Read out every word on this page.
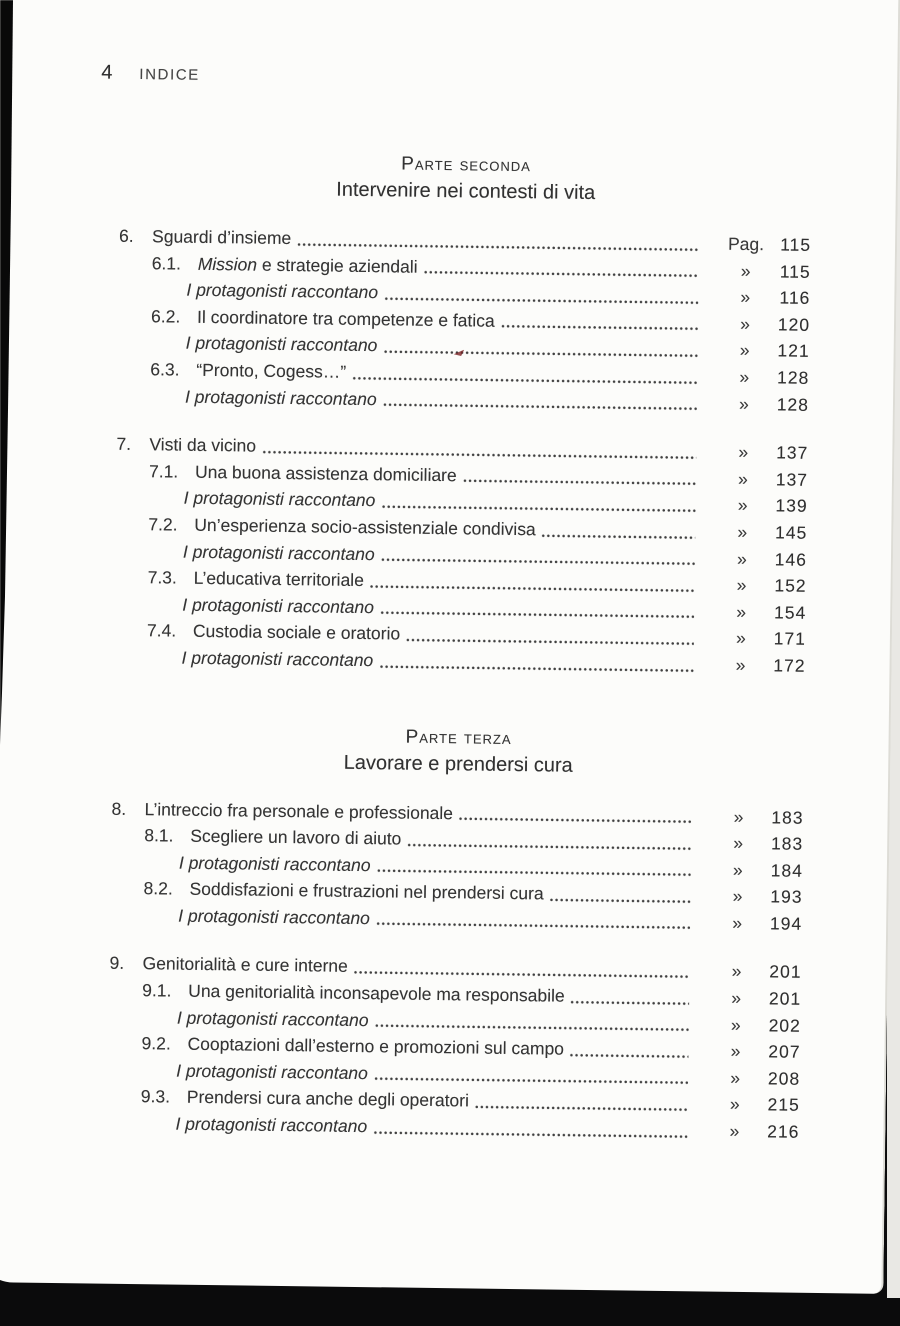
4 INDICE
Parte seconda
Intervenire nei contesti di vita
6.	Sguardi d’insieme	Pag. 115
6.1. Mission e strategie aziendali	»	115
I protagonisti raccontano	»	116
6.2. Il coordinatore tra competenze e fatica	»	120
I protagonisti raccontano	»	121
6.3. “Pronto, Cogess…”	»	128
I protagonisti raccontano	»	128
7.	Visti da vicino	»	137
7.1. Una buona assistenza domiciliare	»	137
I protagonisti raccontano	»	139
7.2. Un’esperienza socio-assistenziale condivisa	»	145
I protagonisti raccontano	»	146
7.3. L’educativa territoriale	»	152
I protagonisti raccontano	»	154
7.4. Custodia sociale e oratorio	»	171
I protagonisti raccontano	»	172
Parte terza
Lavorare e prendersi cura
8.	L’intreccio fra personale e professionale	»	183
8.1. Scegliere un lavoro di aiuto	»	183
I protagonisti raccontano	»	184
8.2. Soddisfazioni e frustrazioni nel prendersi cura	»	193
I protagonisti raccontano	»	194
9.	Genitorialità e cure interne	»	201
9.1. Una genitorialità inconsapevole ma responsabile	»	201
I protagonisti raccontano	»	202
9.2. Cooptazioni dall’esterno e promozioni sul campo	»	207
I protagonisti raccontano	»	208
9.3. Prendersi cura anche degli operatori	»	215
I protagonisti raccontano	»	216
